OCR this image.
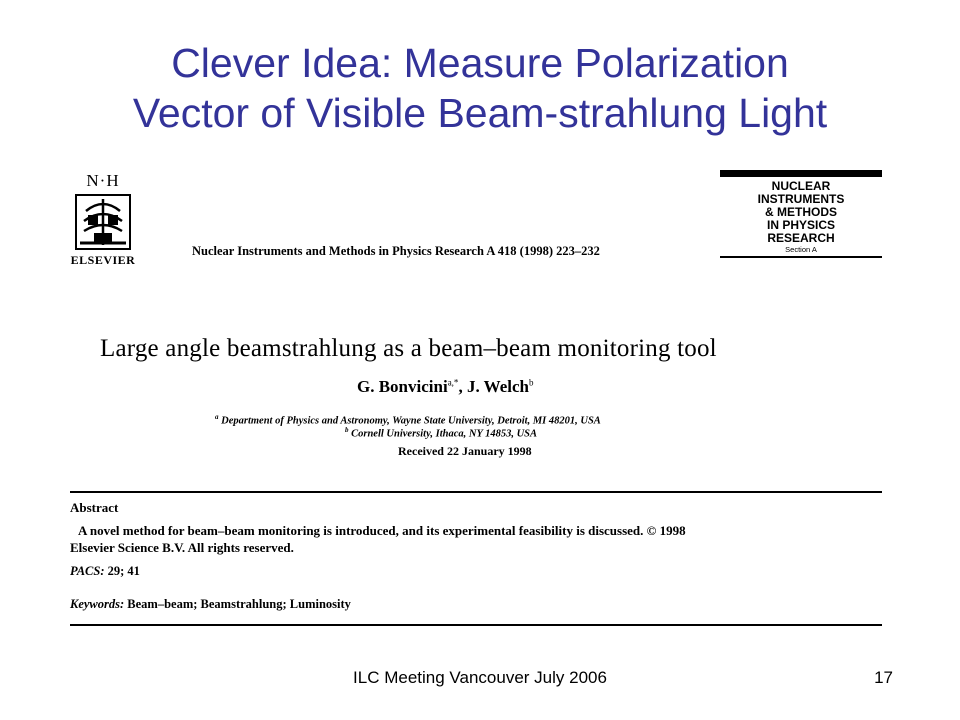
Clever Idea: Measure Polarization
Vector of Visible Beam-strahlung Light
N·H
ELSEVIER
Nuclear Instruments and Methods in Physics Research A 418 (1998) 223–232
NUCLEAR
INSTRUMENTS
& METHODS
IN PHYSICS
RESEARCH
Section A
Large angle beamstrahlung as a beam–beam monitoring tool
G. Bonvicini$^{a,*}$, J. Welch$^b$
$^a$ Department of Physics and Astronomy, Wayne State University, Detroit, MI 48201, USA
$^b$ Cornell University, Ithaca, NY 14853, USA
Received 22 January 1998
Abstract
A novel method for beam–beam monitoring is introduced, and its experimental feasibility is discussed. © 1998
Elsevier Science B.V. All rights reserved.
PACS: 29; 41
Keywords: Beam–beam; Beamstrahlung; Luminosity
ILC Meeting Vancouver July 2006	17
